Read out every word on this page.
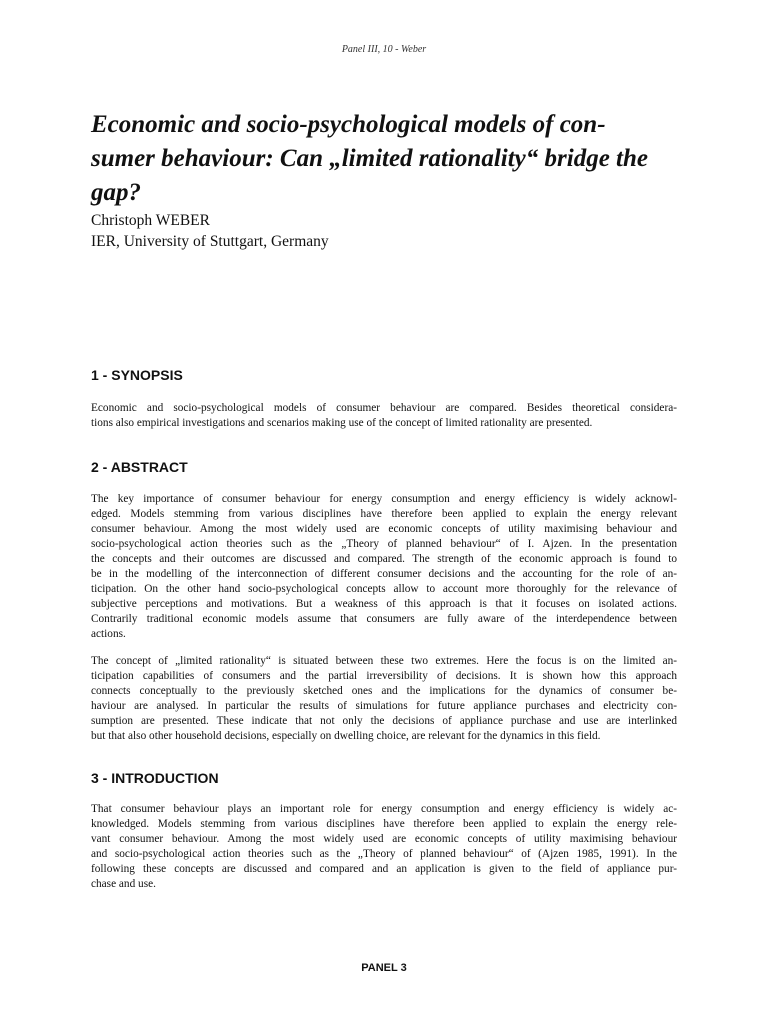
Panel III, 10 - Weber
Economic and socio-psychological models of con-
sumer behaviour: Can „limited rationality“ bridge the
gap?
Christoph WEBER
IER, University of Stuttgart, Germany
1 - SYNOPSIS

Economic and socio-psychological models of consumer behaviour are compared. Besides theoretical considera-
tions also empirical investigations and scenarios making use of the concept of limited rationality are presented.

2 - ABSTRACT

The key importance of consumer behaviour for energy consumption and energy efficiency is widely acknowl-
edged. Models stemming from various disciplines have therefore been applied to explain the energy relevant
consumer behaviour. Among the most widely used are economic concepts of utility maximising behaviour and
socio-psychological action theories such as the „Theory of planned behaviour“ of I. Ajzen. In the presentation
the concepts and their outcomes are discussed and compared. The strength of the economic approach is found to
be in the modelling of the interconnection of different consumer decisions and the accounting for the role of an-
ticipation. On the other hand socio-psychological concepts allow to account more thoroughly for the relevance of
subjective perceptions and motivations. But a weakness of this approach is that it focuses on isolated actions.
Contrarily traditional economic models assume that consumers are fully aware of the interdependence between
actions.

The concept of „limited rationality“ is situated between these two extremes. Here the focus is on the limited an-
ticipation capabilities of consumers and the partial irreversibility of decisions. It is shown how this approach
connects conceptually to the previously sketched ones and the implications for the dynamics of consumer be-
haviour are analysed. In particular the results of simulations for future appliance purchases and electricity con-
sumption are presented. These indicate that not only the decisions of appliance purchase and use are interlinked
but that also other household decisions, especially on dwelling choice, are relevant for the dynamics in this field.

3 - INTRODUCTION

That consumer behaviour plays an important role for energy consumption and energy efficiency is widely ac-
knowledged. Models stemming from various disciplines have therefore been applied to explain the energy rele-
vant consumer behaviour. Among the most widely used are economic concepts of utility maximising behaviour
and socio-psychological action theories such as the „Theory of planned behaviour“ of (Ajzen 1985, 1991). In the
following these concepts are discussed and compared and an application is given to the field of appliance pur-
chase and use.

PANEL 3
